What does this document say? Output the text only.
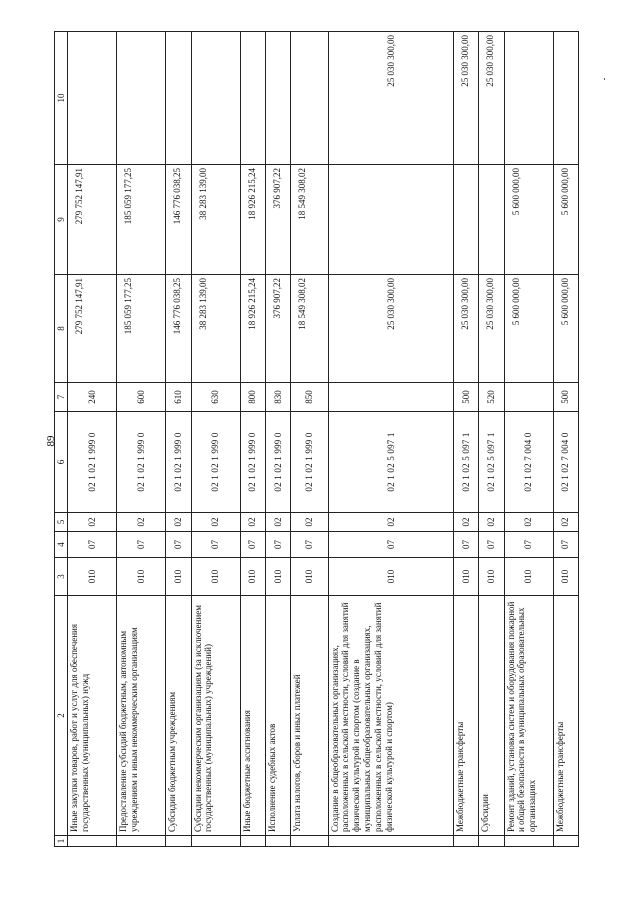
89
1	2	3	4	5	6	7	8	9	10
	Иные закупки товаров, работ и услуг для обеспечения государственных (муниципальных) нужд	010	07	02	02 1 02 1 999 0	240	279 752 147,91	279 752 147,91	
	Предоставление субсидий бюджетным, автономным учреждениям и иным некоммерческим организациям	010	07	02	02 1 02 1 999 0	600	185 059 177,25	185 059 177,25	
	Субсидии бюджетным учреждениям	010	07	02	02 1 02 1 999 0	610	146 776 038,25	146 776 038,25	
	Субсидии некоммерческим организациям (за исключением государственных (муниципальных) учреждений)	010	07	02	02 1 02 1 999 0	630	38 283 139,00	38 283 139,00	
	Иные бюджетные ассигнования	010	07	02	02 1 02 1 999 0	800	18 926 215,24	18 926 215,24	
	Исполнение судебных актов	010	07	02	02 1 02 1 999 0	830	376 907,22	376 907,22	
	Уплата налогов, сборов и иных платежей	010	07	02	02 1 02 1 999 0	850	18 549 308,02	18 549 308,02	
	Создание в общеобразовательных организациях, расположенных в сельской местности, условий для занятий физической культурой и спортом (создание в муниципальных общеобразовательных организациях, расположенных в сельской местности, условий для занятий физической культурой и спортом)	010	07	02	02 1 02 5 097 1		25 030 300,00		25 030 300,00
	Межбюджетные трансферты	010	07	02	02 1 02 5 097 1	500	25 030 300,00		25 030 300,00
	Субсидии	010	07	02	02 1 02 5 097 1	520	25 030 300,00		25 030 300,00
	Ремонт зданий, установка систем и оборудования пожарной и общей безопасности в муниципальных образовательных организациях	010	07	02	02 1 02 7 004 0		5 600 000,00	5 600 000,00	
	Межбюджетные трансферты	010	07	02	02 1 02 7 004 0	500	5 600 000,00	5 600 000,00	
